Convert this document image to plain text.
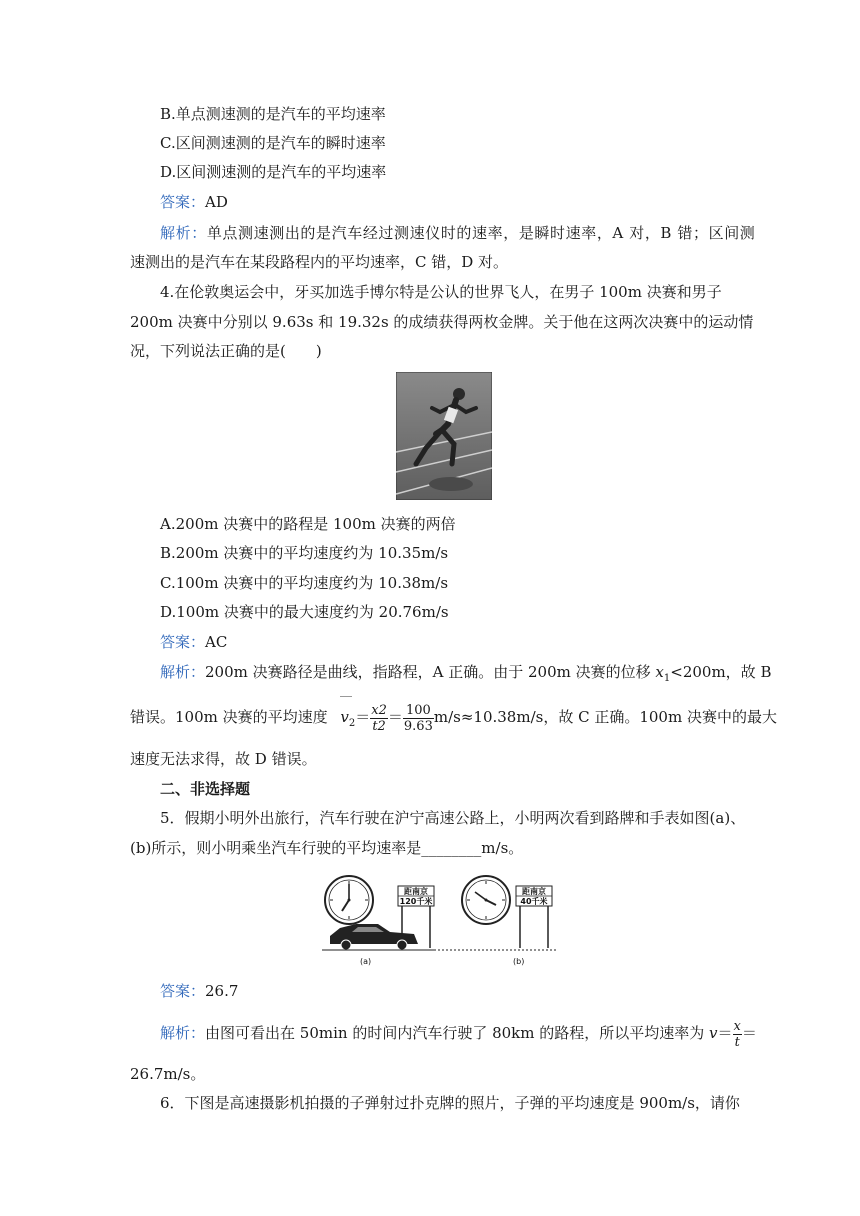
B.单点测速测的是汽车的平均速率
C.区间测速测的是汽车的瞬时速率
D.区间测速测的是汽车的平均速率
答案：AD
解析：单点测速测出的是汽车经过测速仪时的速率，是瞬时速率，A 对，B 错；区间测
速测出的是汽车在某段路程内的平均速率，C 错，D 对。
4.在伦敦奥运会中，牙买加选手博尔特是公认的世界飞人，在男子 100m 决赛和男子
200m 决赛中分别以 9.63s 和 19.32s 的成绩获得两枚金牌。关于他在这两次决赛中的运动情
况，下列说法正确的是(　　)
A.200m 决赛中的路程是 100m 决赛的两倍
B.200m 决赛中的平均速度约为 10.35m/s
C.100m 决赛中的平均速度约为 10.38m/s
D.100m 决赛中的最大速度约为 20.76m/s
答案：AC
解析：200m 决赛路径是曲线，指路程，A 正确。由于 200m 决赛的位移 $x_1<200m$，故 B
错误。100m 决赛的平均速度 $v_2= \frac{x2}{t2} = \frac{100}{9.63} m/s\approx 10.38m/s$，故 C 正确。100m 决赛中的最大
速度无法求得，故 D 错误。
二、非选择题
5．假期小明外出旅行，汽车行驶在沪宁高速公路上，小明两次看到路牌和手表如图(a)、
(b)所示，则小明乘坐汽车行驶的平均速率是________m/s。
距南京
120千米
距南京
40千米
(a)	(b)
答案：26.7
解析：由图可看出在 50min 的时间内汽车行驶了 80km 的路程，所以平均速率为 $v= \frac{x}{t}$ ＝
26.7m/s。
6．下图是高速摄影机拍摄的子弹射过扑克牌的照片，子弹的平均速度是 900m/s，请你
